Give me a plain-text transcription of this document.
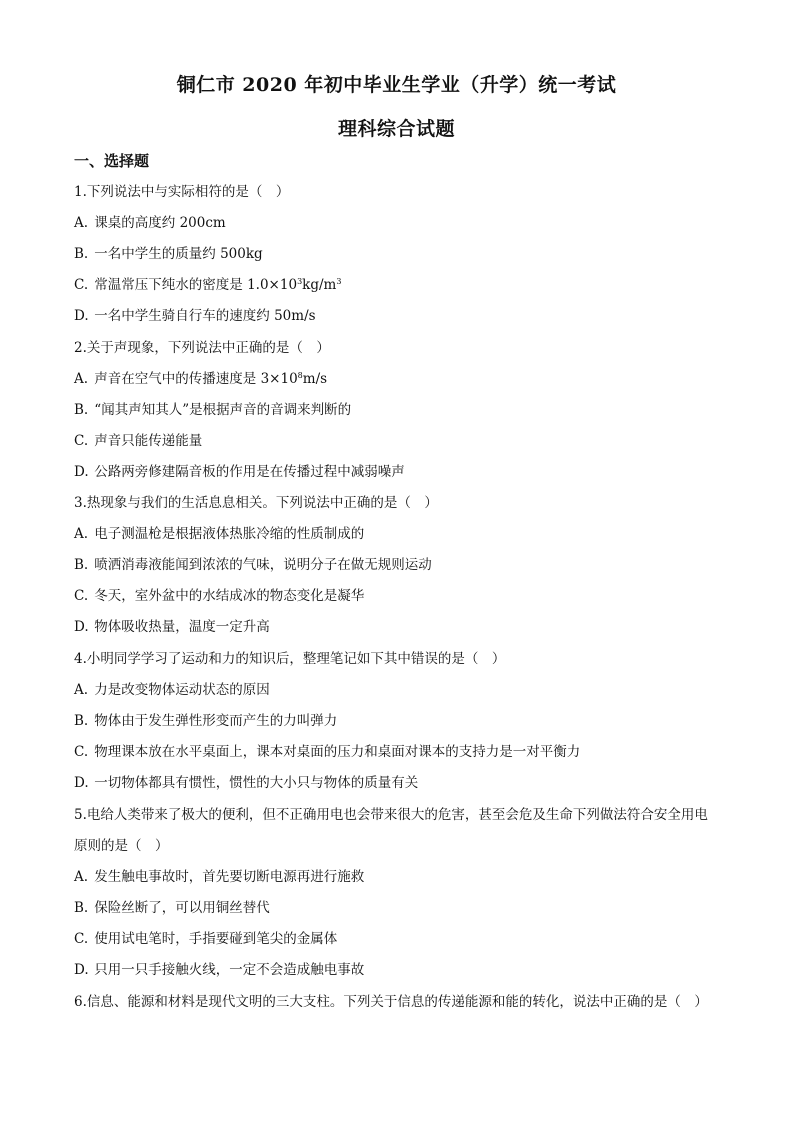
铜仁市 2020 年初中毕业生学业（升学）统一考试
理科综合试题
一、选择题
1.下列说法中与实际相符的是（　）
A. 课桌的高度约 200cm
B. 一名中学生的质量约 500kg
C. 常温常压下纯水的密度是 $1.0\times 10^3kg/m^3$
D. 一名中学生骑自行车的速度约 50m/s
2.关于声现象，下列说法中正确的是（　）
A. 声音在空气中的传播速度是 $3\times 10^8m/s$
B. “闻其声知其人”是根据声音的音调来判断的
C. 声音只能传递能量
D. 公路两旁修建隔音板的作用是在传播过程中减弱噪声
3.热现象与我们的生活息息相关。下列说法中正确的是（　）
A. 电子测温枪是根据液体热胀冷缩的性质制成的
B. 喷洒消毒液能闻到浓浓的气味，说明分子在做无规则运动
C. 冬天，室外盆中的水结成冰的物态变化是凝华
D. 物体吸收热量，温度一定升高
4.小明同学学习了运动和力的知识后，整理笔记如下其中错误的是（　）
A. 力是改变物体运动状态的原因
B. 物体由于发生弹性形变而产生的力叫弹力
C. 物理课本放在水平桌面上，课本对桌面的压力和桌面对课本的支持力是一对平衡力
D. 一切物体都具有惯性，惯性的大小只与物体的质量有关
5.电给人类带来了极大的便利，但不正确用电也会带来很大的危害，甚至会危及生命下列做法符合安全用电
原则的是（　）
A. 发生触电事故时，首先要切断电源再进行施救
B. 保险丝断了，可以用铜丝替代
C. 使用试电笔时，手指要碰到笔尖的金属体
D. 只用一只手接触火线，一定不会造成触电事故
6.信息、能源和材料是现代文明的三大支柱。下列关于信息的传递能源和能的转化，说法中正确的是（　）
